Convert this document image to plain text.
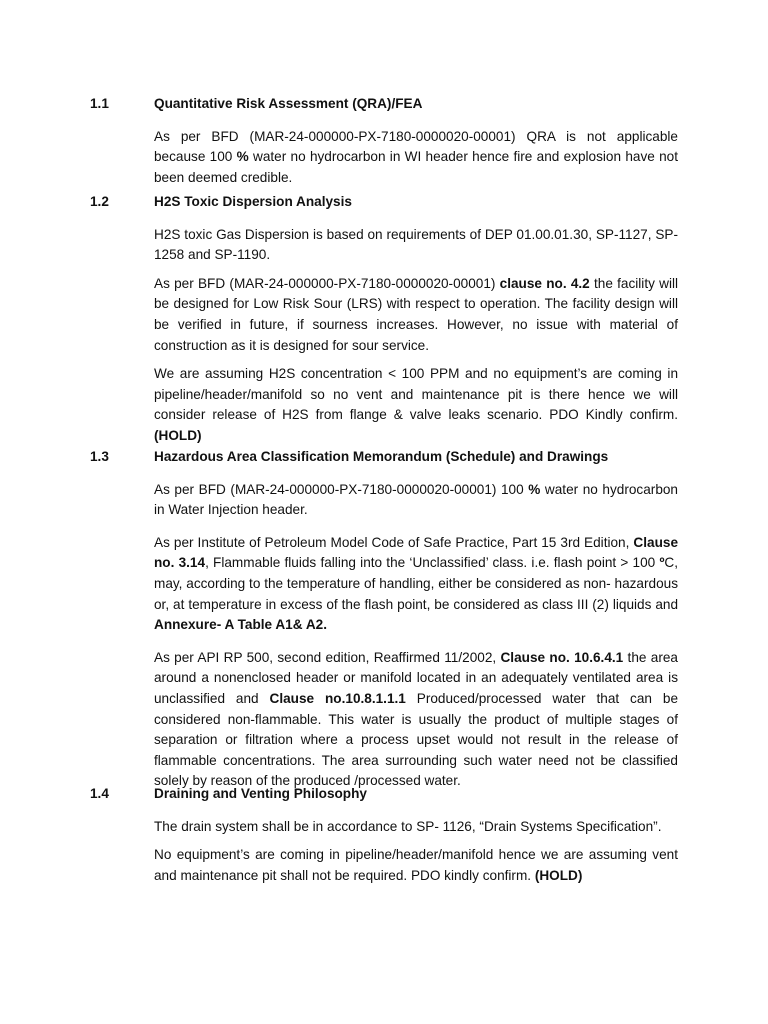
1.1	Quantitative Risk Assessment (QRA)/FEA

As per BFD (MAR-24-000000-PX-7180-0000020-00001) QRA is not applicable because 100 % water no hydrocarbon in WI header hence fire and explosion have not been deemed credible.

1.2	H2S Toxic Dispersion Analysis

H2S toxic Gas Dispersion is based on requirements of DEP 01.00.01.30, SP-1127, SP-1258 and SP-1190.

As per BFD (MAR-24-000000-PX-7180-0000020-00001) clause no. 4.2 the facility will be designed for Low Risk Sour (LRS) with respect to operation. The facility design will be verified in future, if sourness increases. However, no issue with material of construction as it is designed for sour service.

We are assuming H2S concentration < 100 PPM and no equipment’s are coming in pipeline/header/manifold so no vent and maintenance pit is there hence we will consider release of H2S from flange & valve leaks scenario. PDO Kindly confirm. (HOLD)

1.3	Hazardous Area Classification Memorandum (Schedule) and Drawings

As per BFD (MAR-24-000000-PX-7180-0000020-00001) 100 % water no hydrocarbon in Water Injection header.

As per Institute of Petroleum Model Code of Safe Practice, Part 15 3rd Edition, Clause no. 3.14, Flammable fluids falling into the ‘Unclassified’ class. i.e. flash point > 100 ºC, may, according to the temperature of handling, either be considered as non- hazardous or, at temperature in excess of the flash point, be considered as class III (2) liquids and Annexure- A Table A1& A2.

As per API RP 500, second edition, Reaffirmed 11/2002, Clause no. 10.6.4.1 the area around a nonenclosed header or manifold located in an adequately ventilated area is unclassified and Clause no.10.8.1.1.1 Produced/processed water that can be considered non-flammable. This water is usually the product of multiple stages of separation or filtration where a process upset would not result in the release of flammable concentrations. The area surrounding such water need not be classified solely by reason of the produced /processed water.

1.4	Draining and Venting Philosophy

The drain system shall be in accordance to SP- 1126, “Drain Systems Specification”.

No equipment’s are coming in pipeline/header/manifold hence we are assuming vent and maintenance pit shall not be required. PDO kindly confirm. (HOLD)
